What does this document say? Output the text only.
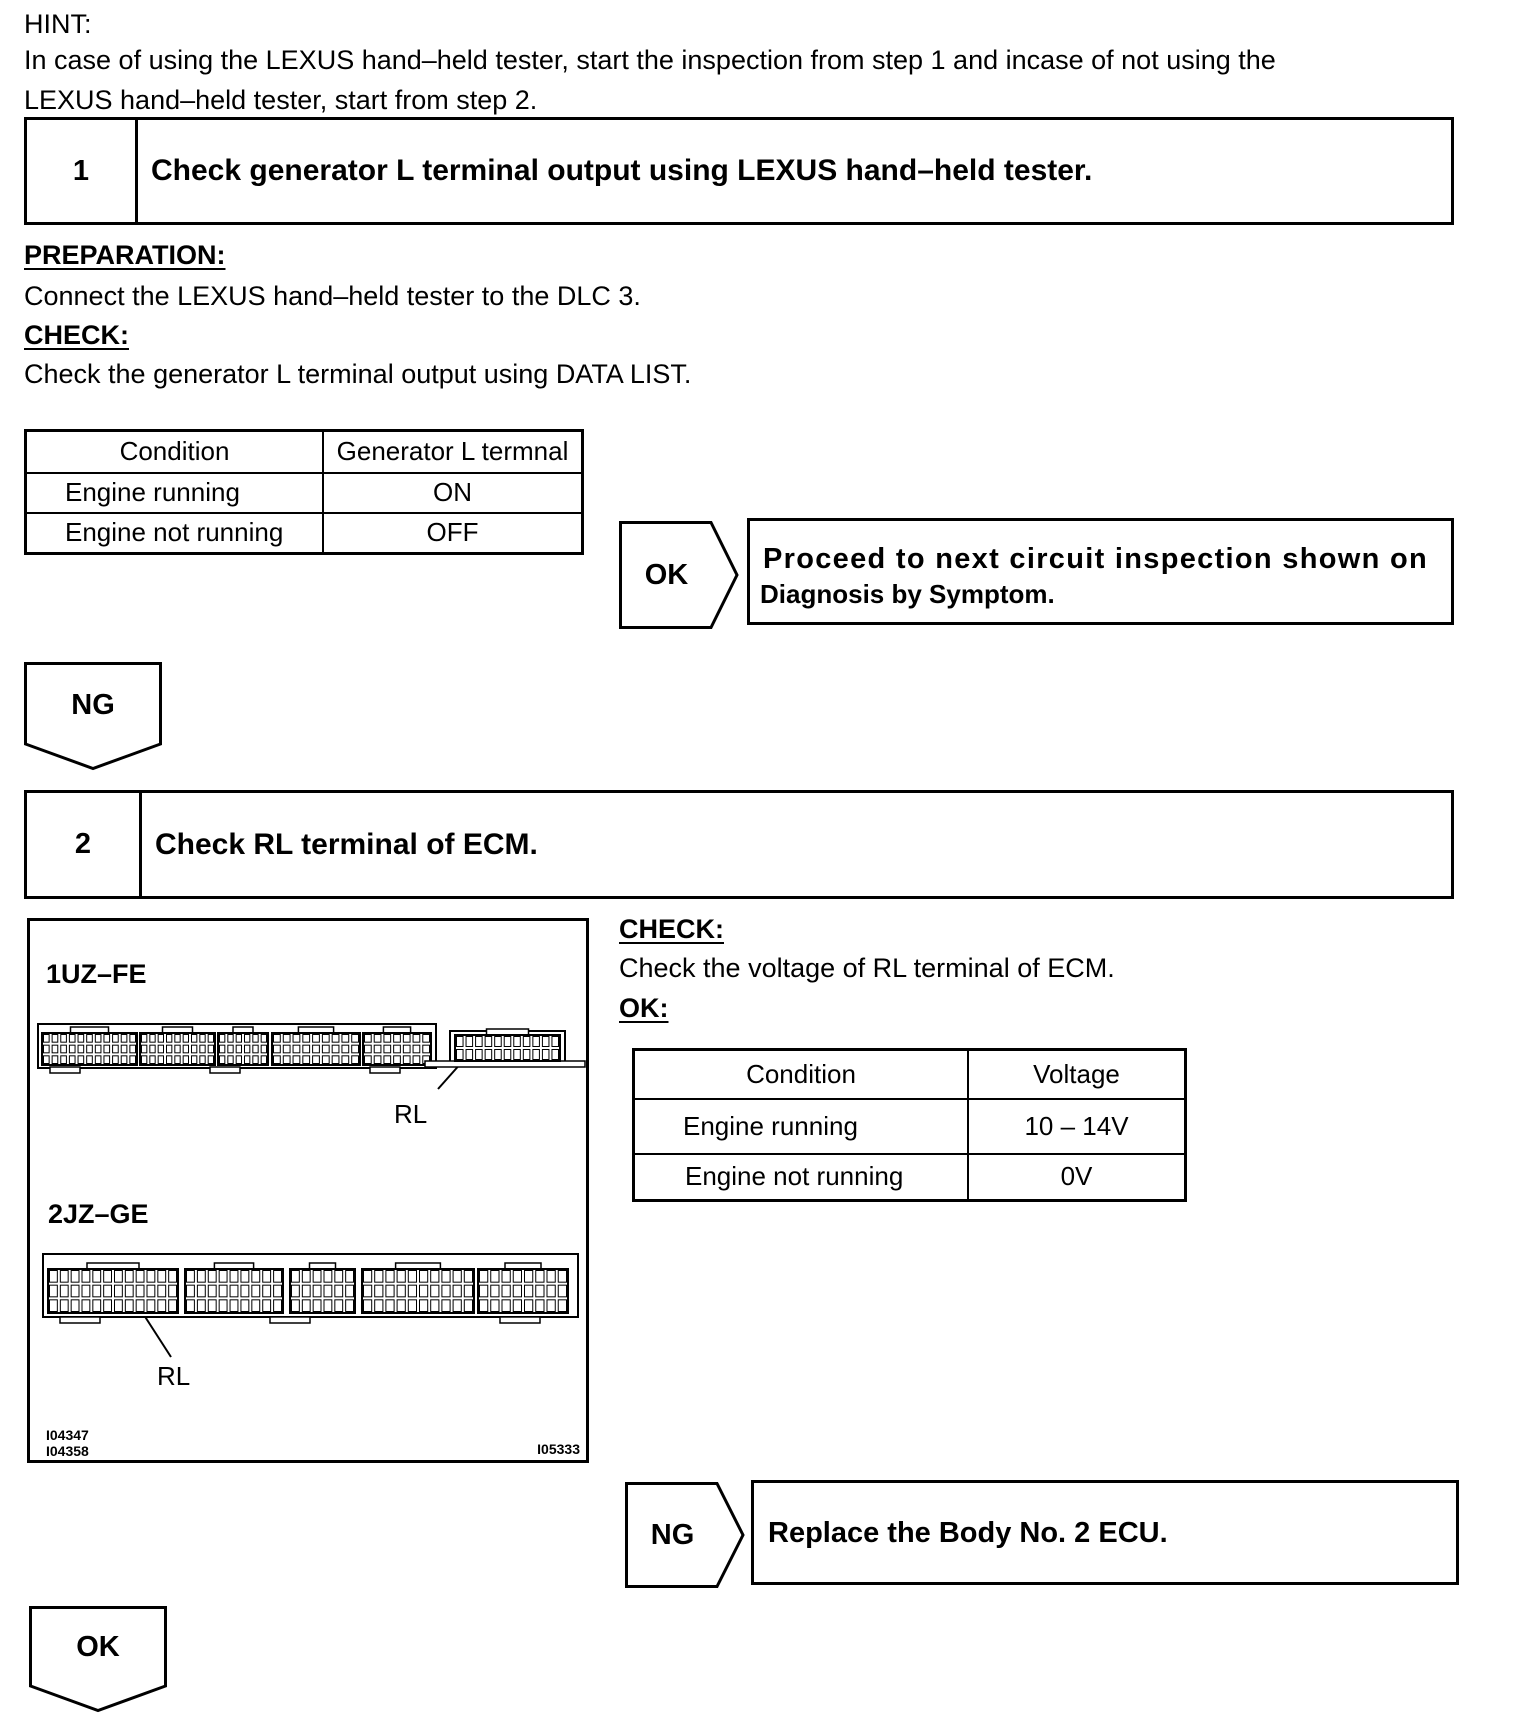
HINT:
In case of using the LEXUS hand–held tester, start the inspection from step 1 and incase of not using the
LEXUS hand–held tester, start from step 2.
1	Check generator L terminal output using LEXUS hand–held tester.
PREPARATION:
Connect the LEXUS hand–held tester to the DLC 3.
CHECK:
Check the generator L terminal output using DATA LIST.
Condition	Generator L termnal
Engine running	ON
Engine not running	OFF
OK	Proceed to next circuit inspection shown on
Diagnosis by Symptom.
NG
2	Check RL terminal of ECM.
1UZ–FE
2JZ–GE
RL
RL
I04347
I04358	I05333
CHECK:
Check the voltage of RL terminal of ECM.
OK:
Condition	Voltage
Engine running	10 – 14V
Engine not running	0V
NG	Replace the Body No. 2 ECU.
OK
